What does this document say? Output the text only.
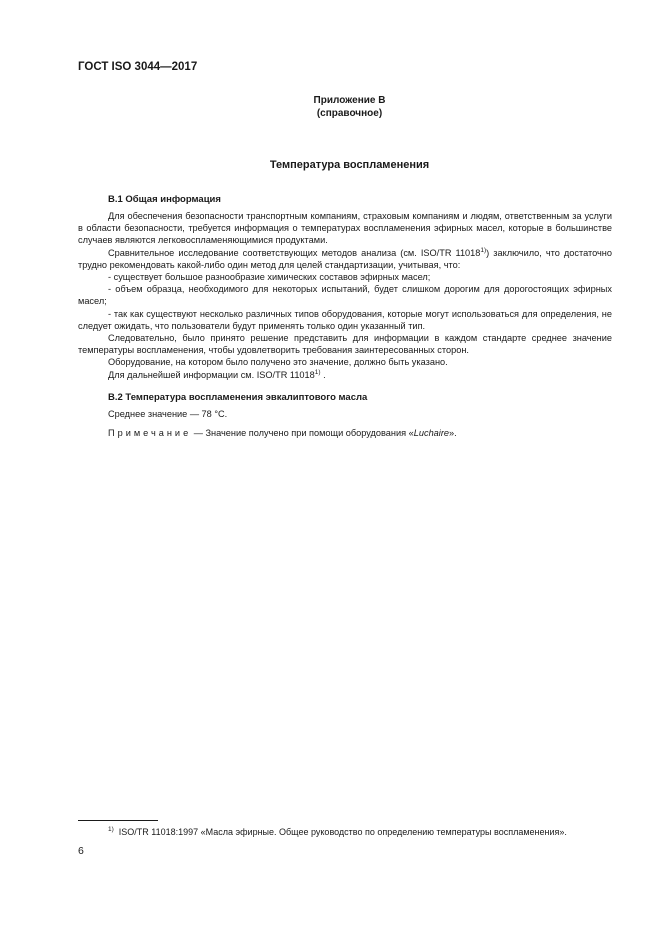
ГОСТ ISO 3044—2017
Приложение В
(справочное)
Температура воспламенения
В.1 Общая информация

Для обеспечения безопасности транспортным компаниям, страховым компаниям и людям, ответственным за услуги в области безопасности, требуется информация о температурах воспламенения эфирных масел, которые в большинстве случаев являются легковоспламеняющимися продуктами.

Сравнительное исследование соответствующих методов анализа (см. ISO/TR 11018$^{1)}$) заключило, что достаточно трудно рекомендовать какой-либо один метод для целей стандартизации, учитывая, что:

- существует большое разнообразие химических составов эфирных масел;

- объем образца, необходимого для некоторых испытаний, будет слишком дорогим для дорогостоящих эфирных масел;

- так как существуют несколько различных типов оборудования, которые могут использоваться для определения, не следует ожидать, что пользователи будут применять только один указанный тип.

Следовательно, было принято решение представить для информации в каждом стандарте среднее значение температуры воспламенения, чтобы удовлетворить требования заинтересованных сторон.

Оборудование, на котором было получено это значение, должно быть указано.

Для дальнейшей информации см. ISO/TR 11018$^{1)}$ .

В.2 Температура воспламенения эвкалиптового масла
Среднее значение — 78 °С.
Примечание — Значение получено при помощи оборудования «Luchaire».
$^{1)}$ ISO/TR 11018:1997 «Масла эфирные. Общее руководство по определению температуры воспламенения».
6
